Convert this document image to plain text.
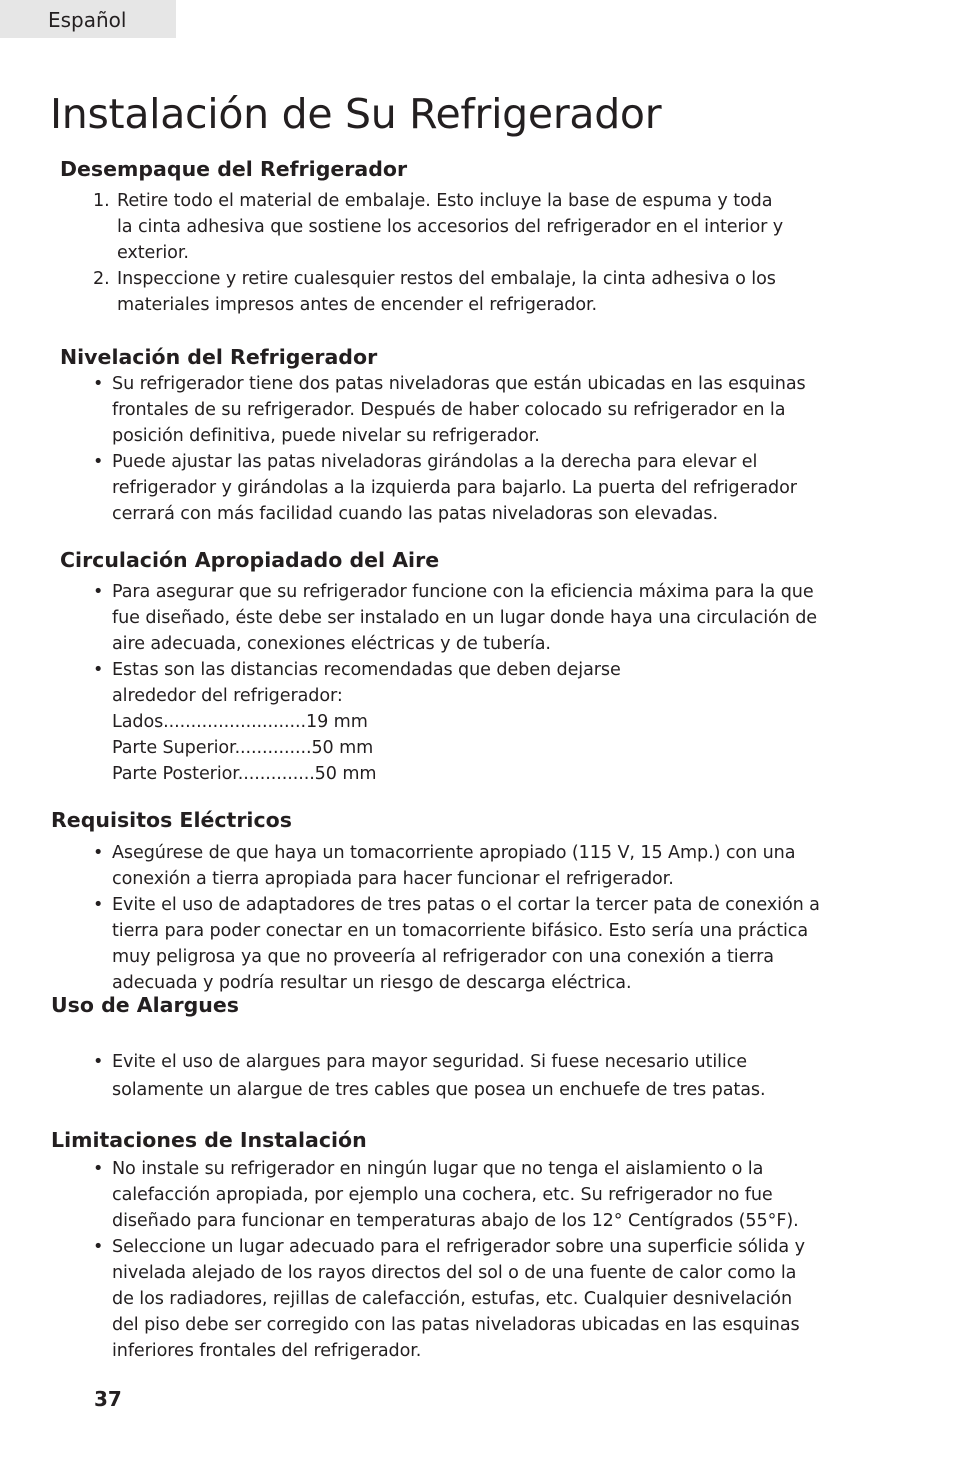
Español
Instalación de Su Refrigerador
Desempaque del Refrigerador
1. Retire todo el material de embalaje. Esto incluye la base de espuma y toda
la cinta adhesiva que sostiene los accesorios del refrigerador en el interior y
exterior.
2. Inspeccione y retire cualesquier restos del embalaje, la cinta adhesiva o los
materiales impresos antes de encender el refrigerador.
Nivelación del Refrigerador
• Su refrigerador tiene dos patas niveladoras que están ubicadas en las esquinas
frontales de su refrigerador. Después de haber colocado su refrigerador en la
posición definitiva, puede nivelar su refrigerador.
• Puede ajustar las patas niveladoras girándolas a la derecha para elevar el
refrigerador y girándolas a la izquierda para bajarlo. La puerta del refrigerador
cerrará con más facilidad cuando las patas niveladoras son elevadas.
Circulación Apropiadado del Aire
• Para asegurar que su refrigerador funcione con la eficiencia máxima para la que
fue diseñado, éste debe ser instalado en un lugar donde haya una circulación de
aire adecuada, conexiones eléctricas y de tubería.
• Estas son las distancias recomendadas que deben dejarse
alrededor del refrigerador:
Lados..........................19 mm
Parte Superior..............50 mm
Parte Posterior..............50 mm
Requisitos Eléctricos
• Asegúrese de que haya un tomacorriente apropiado (115 V, 15 Amp.) con una
conexión a tierra apropiada para hacer funcionar el refrigerador.
• Evite el uso de adaptadores de tres patas o el cortar la tercer pata de conexión a
tierra para poder conectar en un tomacorriente bifásico. Esto sería una práctica
muy peligrosa ya que no proveería al refrigerador con una conexión a tierra
adecuada y podría resultar un riesgo de descarga eléctrica.
Uso de Alargues
• Evite el uso de alargues para mayor seguridad. Si fuese necesario utilice
solamente un alargue de tres cables que posea un enchuefe de tres patas.
Limitaciones de Instalación
• No instale su refrigerador en ningún lugar que no tenga el aislamiento o la
calefacción apropiada, por ejemplo una cochera, etc. Su refrigerador no fue
diseñado para funcionar en temperaturas abajo de los 12° Centígrados (55°F).
• Seleccione un lugar adecuado para el refrigerador sobre una superficie sólida y
nivelada alejado de los rayos directos del sol o de una fuente de calor como la
de los radiadores, rejillas de calefacción, estufas, etc. Cualquier desnivelación
del piso debe ser corregido con las patas niveladoras ubicadas en las esquinas
inferiores frontales del refrigerador.
37
